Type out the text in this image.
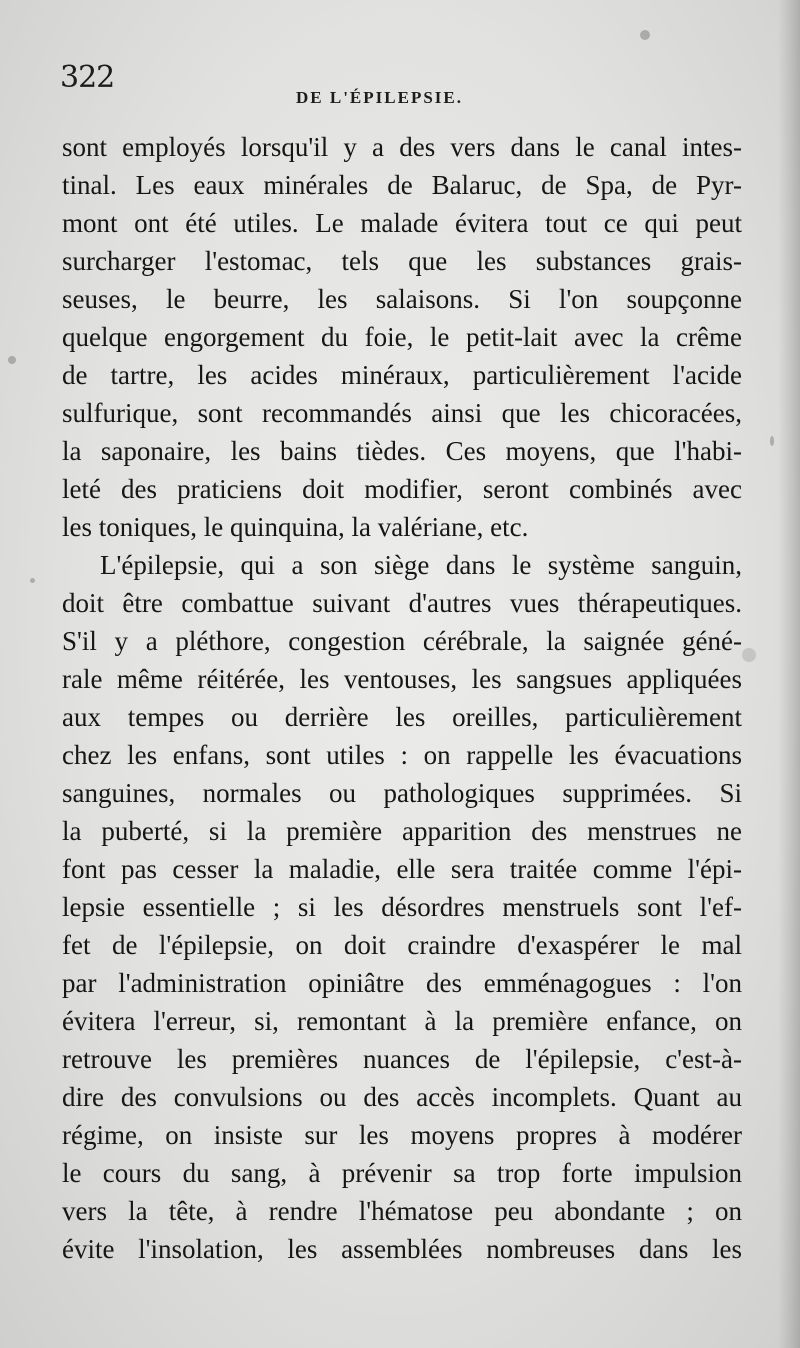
322
DE L'ÉPILEPSIE.
sont employés lorsqu'il y a des vers dans le canal intes-
tinal. Les eaux minérales de Balaruc, de Spa, de Pyr-
mont ont été utiles. Le malade évitera tout ce qui peut
surcharger l'estomac, tels que les substances grais-
seuses, le beurre, les salaisons. Si l'on soupçonne
quelque engorgement du foie, le petit-lait avec la crême
de tartre, les acides minéraux, particulièrement l'acide
sulfurique, sont recommandés ainsi que les chicoracées,
la saponaire, les bains tièdes. Ces moyens, que l'habi-
leté des praticiens doit modifier, seront combinés avec
les toniques, le quinquina, la valériane, etc.
L'épilepsie, qui a son siège dans le système sanguin,
doit être combattue suivant d'autres vues thérapeutiques.
S'il y a pléthore, congestion cérébrale, la saignée géné-
rale même réitérée, les ventouses, les sangsues appliquées
aux tempes ou derrière les oreilles, particulièrement
chez les enfans, sont utiles : on rappelle les évacuations
sanguines, normales ou pathologiques supprimées. Si
la puberté, si la première apparition des menstrues ne
font pas cesser la maladie, elle sera traitée comme l'épi-
lepsie essentielle ; si les désordres menstruels sont l'ef-
fet de l'épilepsie, on doit craindre d'exaspérer le mal
par l'administration opiniâtre des emménagogues : l'on
évitera l'erreur, si, remontant à la première enfance, on
retrouve les premières nuances de l'épilepsie, c'est-à-
dire des convulsions ou des accès incomplets. Quant au
régime, on insiste sur les moyens propres à modérer
le cours du sang, à prévenir sa trop forte impulsion
vers la tête, à rendre l'hématose peu abondante ; on
évite l'insolation, les assemblées nombreuses dans les
